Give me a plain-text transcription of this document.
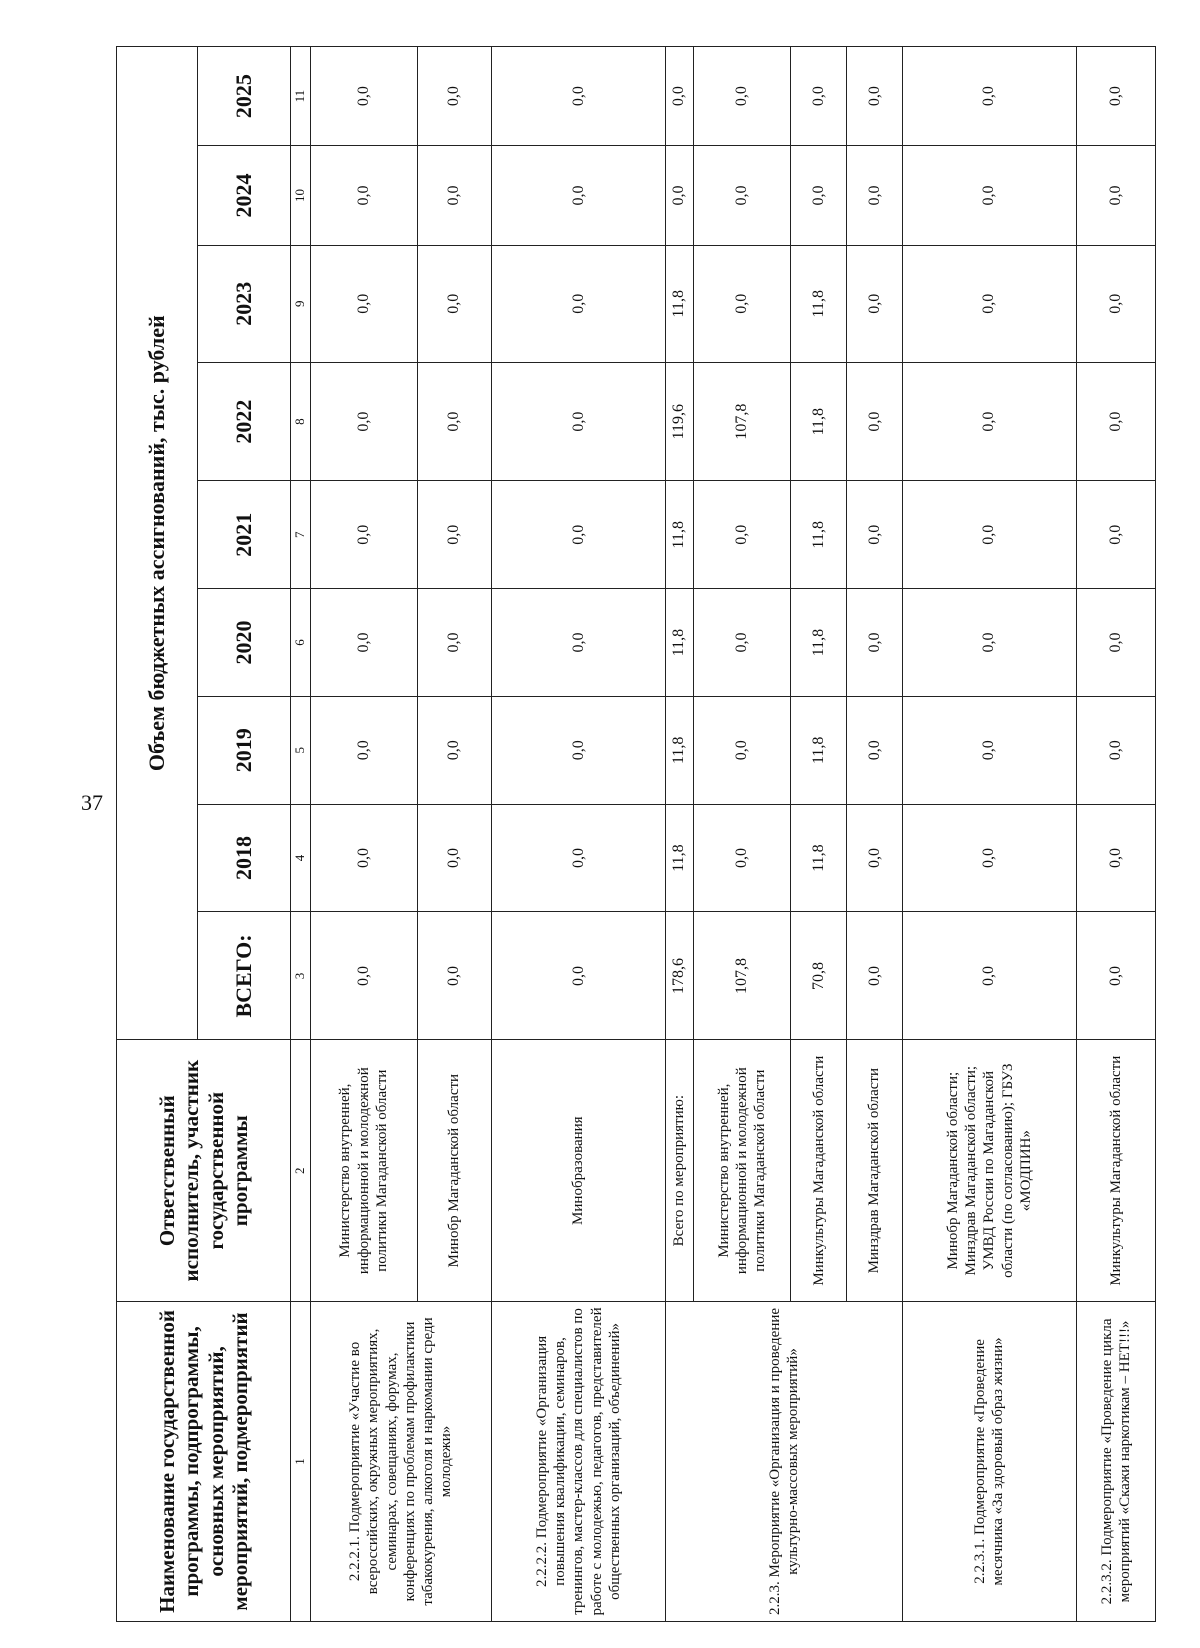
37
Наименование государственной программы, подпрограммы, основных мероприятий, мероприятий, подмероприятий	Ответственный исполнитель, участник государственной программы	Объем бюджетных ассигнований, тыс. рублей								
		ВСЕГО:	2018	2019	2020	2021	2022	2023	2024	2025
1	2	3	4	5	6	7	8	9	10	11
2.2.2.1. Подмероприятие «Участие во всероссийских, окружных мероприятиях, семинарах, совещаниях, форумах, конференциях по проблемам профилактики табакокурения, алкоголя и наркомании среди молодежи»	Министерство внутренней, информационной и молодежной политики Магаданской области	0,0	0,0	0,0	0,0	0,0	0,0	0,0	0,0	0,0
	Минобр Магаданской области	0,0	0,0	0,0	0,0	0,0	0,0	0,0	0,0	0,0
2.2.2.2. Подмероприятие «Организация повышения квалификации, семинаров, тренингов, мастер-классов для специалистов по работе с молодежью, педагогов, представителей общественных организаций, объединений»	Минобразования	0,0	0,0	0,0	0,0	0,0	0,0	0,0	0,0	0,0
2.2.3. Мероприятие «Организация и проведение культурно-массовых мероприятий»	Всего по мероприятию:	178,6	11,8	11,8	11,8	11,8	119,6	11,8	0,0	0,0
	Министерство внутренней, информационной и молодежной политики Магаданской области	107,8	0,0	0,0	0,0	0,0	107,8	0,0	0,0	0,0
	Минкультуры Магаданской области	70,8	11,8	11,8	11,8	11,8	11,8	11,8	0,0	0,0
	Минздрав Магаданской области	0,0	0,0	0,0	0,0	0,0	0,0	0,0	0,0	0,0
2.2.3.1. Подмероприятие «Проведение месячника «За здоровый образ жизни»	Минобр Магаданской области; Минздрав Магаданской области; УМВД России по Магаданской области (по согласованию); ГБУЗ «МОДПИН»	0,0	0,0	0,0	0,0	0,0	0,0	0,0	0,0	0,0
2.2.3.2. Подмероприятие «Проведение цикла мероприятий «Скажи наркотикам – НЕТ!!!»	Минкультуры Магаданской области	0,0	0,0	0,0	0,0	0,0	0,0	0,0	0,0	0,0
